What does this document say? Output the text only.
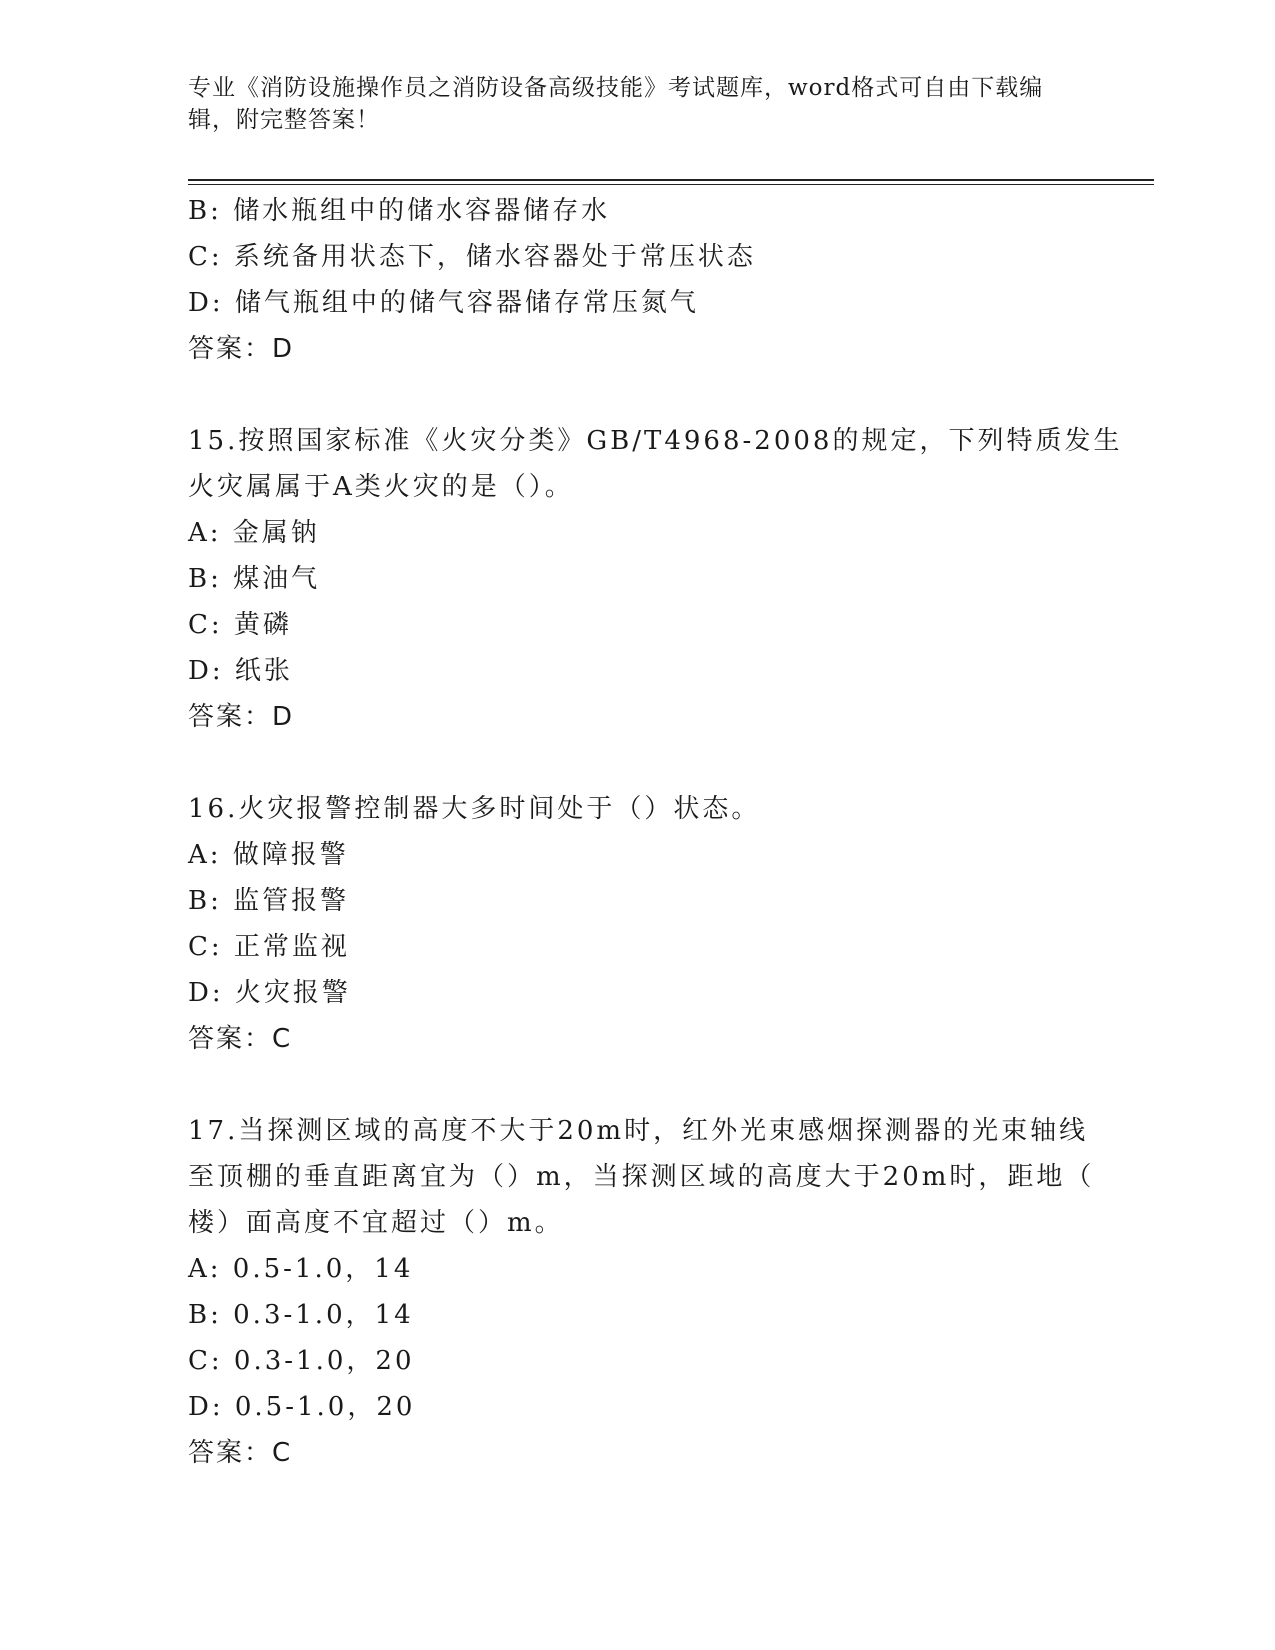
专业《消防设施操作员之消防设备高级技能》考试题库，word格式可自由下载编
辑，附完整答案！
B: 储水瓶组中的储水容器储存水
C: 系统备用状态下，储水容器处于常压状态
D: 储气瓶组中的储气容器储存常压氮气
答案：D
15.按照国家标准《火灾分类》GB/T4968-2008的规定，下列特质发生
火灾属属于A类火灾的是（）。
A: 金属钠
B: 煤油气
C: 黄磷
D: 纸张
答案：D
16.火灾报警控制器大多时间处于（）状态。
A: 做障报警
B: 监管报警
C: 正常监视
D: 火灾报警
答案：C
17.当探测区域的高度不大于20m时，红外光束感烟探测器的光束轴线
至顶棚的垂直距离宜为（）m，当探测区域的高度大于20m时，距地（
楼）面高度不宜超过（）m。
A: 0.5-1.0，14
B: 0.3-1.0，14
C: 0.3-1.0，20
D: 0.5-1.0，20
答案：C
